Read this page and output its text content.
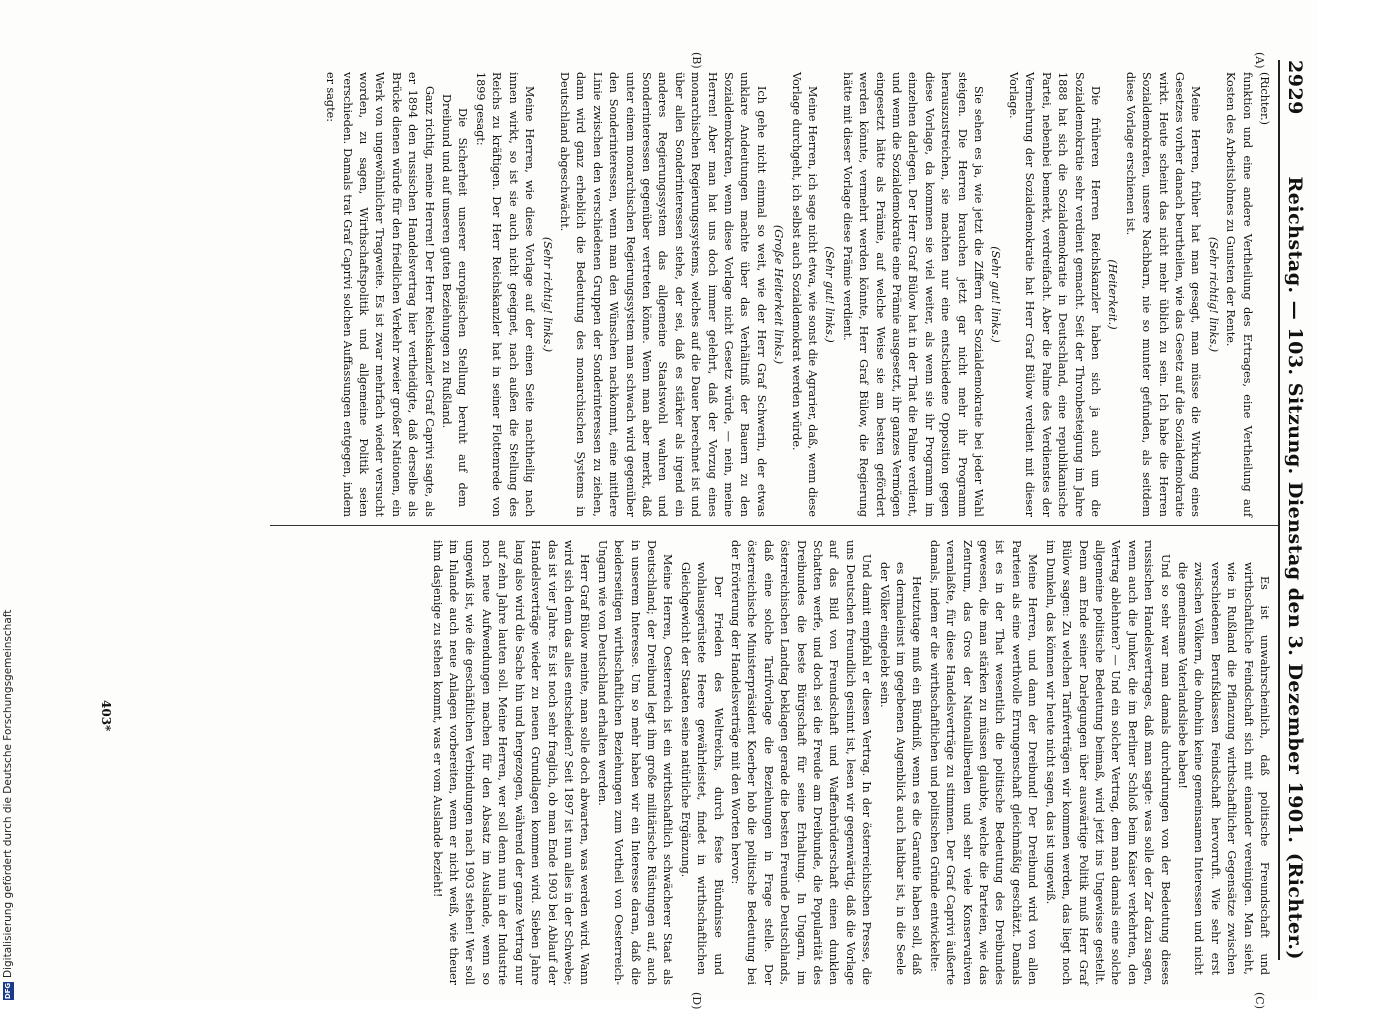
2929
Reichstag. — 103. Sitzung. Dienstag den 3. Dezember 1901.
(Richter.)
(A)
(B)
(C)
(D)

(Richter.)

funktion und eine andere Vertheilung des Ertrages, eine Vertheilung auf Kosten des Arbeitslohnes zu Gunsten der Rente.

(Sehr richtig! links.)

Meine Herren, früher hat man gesagt, man müsse die Wirkung eines Gesetzes vorher danach beurtheilen, wie das Gesetz auf die Sozialdemokratie wirkt. Heute scheint das nicht mehr üblich zu sein. Ich habe die Herren Sozialdemokraten, unsere Nachbarn, nie so munter gefunden, als seitdem diese Vorlage erschienen ist.

(Heiterkeit.)

Die früheren Herren Reichskanzler haben sich ja auch um die Sozialdemokratie sehr verdient gemacht. Seit der Thronbesteigung im Jahre 1888 hat sich die Sozialdemokratie in Deutschland, eine republikanische Partei, nebenbei bemerkt, verdreifacht. Aber die Palme des Verdienstes der Vermehrung der Sozialdemokratie hat Herr Graf Bülow verdient mit dieser Vorlage.

(Sehr gut! links.)

Sie sehen es ja, wie jetzt die Ziffern der Sozialdemokratie bei jeder Wahl steigen. Die Herren brauchen jetzt gar nicht mehr ihr Programm herauszustreichen, sie machten nur eine entschiedene Opposition gegen diese Vorlage, da kommen sie viel weiter, als wenn sie ihr Programm im einzelnen darlegen. Der Herr Graf Bülow hat in der That die Palme verdient, und wenn die Sozialdemokratie eine Prämie ausgesetzt, ihr ganzes Vermögen eingesetzt hätte als Prämie, auf welche Weise sie am besten gefördert werden könnte, vermehrt werden könnte, Herr Graf Bülow, die Regierung hätte mit dieser Vorlage diese Prämie verdient.

(Sehr gut! links.)

Meine Herren, ich sage nicht etwa, wie sonst die Agrarier, daß, wenn diese Vorlage durchgeht, ich selbst auch Sozialdemokrat werden würde.

(Große Heiterkeit links.)

Ich gehe nicht einmal so weit, wie der Herr Graf Schwerin, der etwas unklare Andeutungen machte über das Verhältniß der Bauern zu den Sozialdemokraten, wenn diese Vorlage nicht Gesetz würde, — nein, meine Herren! Aber man hat uns doch immer gelehrt, daß der Vorzug eines monarchischen Regierungssystems, welches auf die Dauer berechnet ist und über allen Sonderinteressen stehe, der sei, daß es stärker als irgend ein anderes Regierungssystem das allgemeine Staatswohl wahren und Sonderinteressen gegenüber vertreten könne. Wenn man aber merkt, daß unter einem monarchischen Regierungssystem man schwach wird gegenüber den Sonderinteressen, wenn man den Wünschen nachkommt, eine mittlere Linie zwischen den verschiedenen Gruppen der Sonderinteressen zu ziehen, dann wird ganz erheblich die Bedeutung des monarchischen Systems in Deutschland abgeschwächt.

(Sehr richtig! links.)

Meine Herren, wie diese Vorlage auf der einen Seite nachtheilig nach innen wirkt, so ist sie auch nicht geeignet, nach außen die Stellung des Reichs zu kräftigen. Der Herr Reichskanzler hat in seiner Flottenrede von 1899 gesagt:

Die Sicherheit unserer europäischen Stellung beruht auf dem Dreibund und auf unseren guten Beziehungen zu Rußland.

Ganz richtig, meine Herren! Der Herr Reichskanzler Graf Caprivi sagte, als er 1894 den russischen Handelsvertrag hier vertheidigte, daß derselbe als Brücke dienen würde für den friedlichen Verkehr zweier großer Nationen, ein Werk von ungewöhnlicher Tragweite. Es ist zwar mehrfach wieder versucht worden, zu sagen, Wirthschaftspolitik und allgemeine Politik seien verschieden. Damals trat Graf Caprivi solchen Auffassungen entgegen, indem er sagte:

Es ist unwahrscheinlich, daß politische Freundschaft und wirthschaftliche Feindschaft sich mit einander vereinigen. Man sieht, wie in Rußland die Pflanzung wirthschaftlicher Gegensätze zwischen verschiedenen Berufsklassen Feindschaft hervorruft. Wie sehr erst zwischen Völkern, die ohnehin keine gemeinsamen Interessen und nicht die gemeinsame Vaterlandsliebe haben!

Und so sehr war man damals durchdrungen von der Bedeutung dieses russischen Handelsvertrages, daß man sagte: was solle der Zar dazu sagen, wenn auch die Junker, die im Berliner Schloß beim Kaiser verkehrten, den Vertrag ablehnten? — Und ein solcher Vertrag, dem man damals eine solche allgemeine politische Bedeutung beimaß, wird jetzt ins Ungewisse gestellt. Denn am Ende seiner Darlegungen über auswärtige Politik muß Herr Graf Bülow sagen: Zu welchen Tarifverträgen wir kommen werden, das liegt noch im Dunkeln, das können wir heute nicht sagen, das ist ungewiß.

Meine Herren, und dann der Dreibund! Der Dreibund wird von allen Parteien als eine werthvolle Errungenschaft gleichmäßig geschätzt. Damals ist es in der That wesentlich die politische Bedeutung des Dreibundes gewesen, die man stärken zu müssen glaubte, welche die Parteien, wie das Zentrum, das Gros der Nationalliberalen und sehr viele Konservativen veranlaßte, für diese Handelsverträge zu stimmen. Der Graf Caprivi äußerte damals, indem er die wirthschaftlichen und politischen Gründe entwickelte:

Heutzutage muß ein Bündniß, wenn es die Garantie haben soll, daß es dermaleinst im gegebenen Augenblick auch haltbar ist, in die Seele der Völker eingelebt sein.

Und damit empfahl er diesen Vertrag. In der österreichischen Presse, die uns Deutschen freundlich gesinnt ist, lesen wir gegenwärtig, daß die Vorlage auf das Bild von Freundschaft und Waffenbrüderschaft einen dunklen Schatten werfe, und doch sei die Freude am Dreibunde, die Popularität des Dreibundes die beste Bürgschaft für seine Erhaltung. In Ungarn, im österreichischen Landtag beklagen gerade die besten Freunde Deutschlands, daß eine solche Tarifvorlage die Beziehungen in Frage stelle. Der österreichische Ministerpräsident Koerber hob die politische Bedeutung bei der Erörterung der Handelsverträge mit den Worten hervor:

Der Frieden des Weltreichs, durch feste Bündnisse und wohlausgerüstete Heere gewährleistet, findet in wirthschaftlichen Gleichgewicht der Staaten seine natürliche Ergänzung.

Meine Herren, Oesterreich ist ein wirthschaftlich schwächerer Staat als Deutschland; der Dreibund legt ihm große militärische Rüstungen auf, auch in unserem Interesse. Um so mehr haben wir ein Interesse daran, daß die beiderseitigen wirthschaftlichen Beziehungen zum Vortheil von Oesterreich-Ungarn wie von Deutschland erhalten werden.

Herr Graf Bülow meinte, man solle doch abwarten, was werden wird. Wann wird sich denn das alles entscheiden? Seit 1897 ist nun alles in der Schwebe; das ist vier Jahre. Es ist noch sehr fraglich, ob man Ende 1903 bei Ablauf der Handelsverträge wieder zu neuen Grundlagen kommen wird. Sieben Jahre lang also wird die Sache hin und hergezogen, während der ganze Vertrag nur auf zehn Jahre lauten soll. Meine Herren, wer soll denn nun in der Industrie noch neue Aufwendungen machen für den Absatz im Auslande, wenn so ungewiß ist, wie die geschäftlichen Verbindungen nach 1903 stehen! Wer soll im Inlande auch neue Anlagen vorbereiten, wenn er nicht weiß, wie theuer ihm dasjenige zu stehen kommt, was er vom Auslande bezieht!

403*
DFGDigitalisierung gefördert durch die Deutsche Forschungsgemeinschaft
